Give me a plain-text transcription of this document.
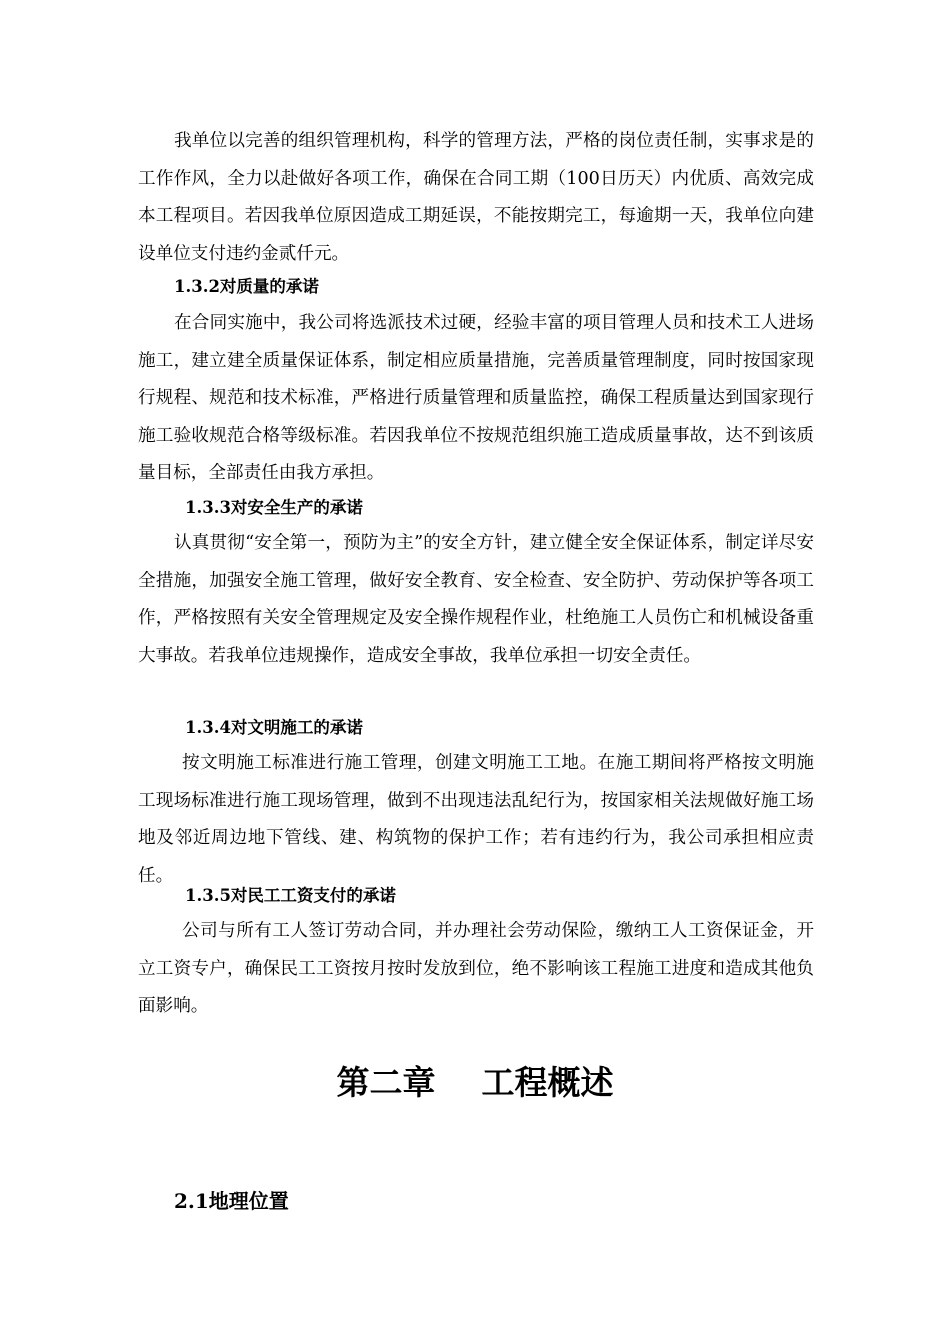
我单位以完善的组织管理机构，科学的管理方法，严格的岗位责任制，实事求是的工作作风，全力以赴做好各项工作，确保在合同工期（100日历天）内优质、高效完成本工程项目。若因我单位原因造成工期延误，不能按期完工，每逾期一天，我单位向建设单位支付违约金贰仟元。

1.3.2对质量的承诺

在合同实施中，我公司将选派技术过硬，经验丰富的项目管理人员和技术工人进场施工，建立建全质量保证体系，制定相应质量措施，完善质量管理制度，同时按国家现行规程、规范和技术标准，严格进行质量管理和质量监控，确保工程质量达到国家现行施工验收规范合格等级标准。若因我单位不按规范组织施工造成质量事故，达不到该质量目标，全部责任由我方承担。

1.3.3对安全生产的承诺

认真贯彻“安全第一，预防为主”的安全方针，建立健全安全保证体系，制定详尽安全措施，加强安全施工管理，做好安全教育、安全检查、安全防护、劳动保护等各项工作，严格按照有关安全管理规定及安全操作规程作业，杜绝施工人员伤亡和机械设备重大事故。若我单位违规操作，造成安全事故，我单位承担一切安全责任。

1.3.4对文明施工的承诺

按文明施工标准进行施工管理，创建文明施工工地。在施工期间将严格按文明施工现场标准进行施工现场管理，做到不出现违法乱纪行为，按国家相关法规做好施工场地及邻近周边地下管线、建、构筑物的保护工作；若有违约行为，我公司承担相应责任。

1.3.5对民工工资支付的承诺

公司与所有工人签订劳动合同，并办理社会劳动保险，缴纳工人工资保证金，开立工资专户，确保民工工资按月按时发放到位，绝不影响该工程施工进度和造成其他负面影响。

第二章    工程概述
2.1地理位置
